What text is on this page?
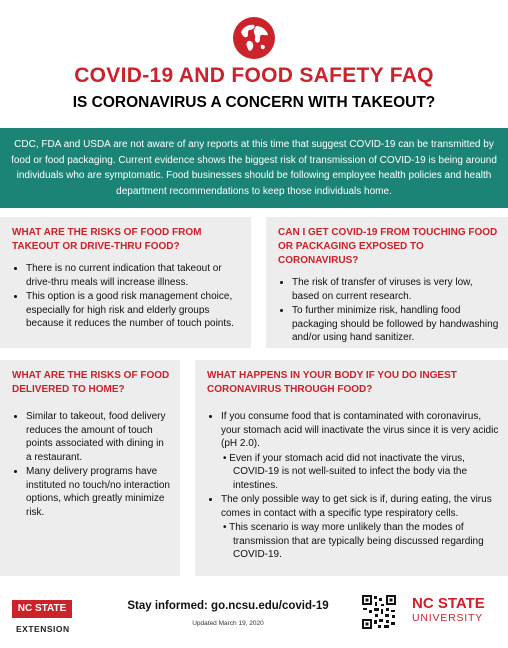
COVID-19 AND FOOD SAFETY FAQ
IS CORONAVIRUS A CONCERN WITH TAKEOUT?
CDC, FDA and USDA are not aware of any reports at this time that suggest COVID-19 can be transmitted by food or food packaging. Current evidence shows the biggest risk of transmission of COVID-19 is being around individuals who are symptomatic. Food businesses should be following employee health policies and health department recommendations to keep those individuals home.
WHAT ARE THE RISKS OF FOOD FROM TAKEOUT OR DRIVE-THRU FOOD?
• There is no current indication that takeout or drive-thru meals will increase illness.
• This option is a good risk management choice, especially for high risk and elderly groups because it reduces the number of touch points.
CAN I GET COVID-19 FROM TOUCHING FOOD OR PACKAGING EXPOSED TO CORONAVIRUS?
• The risk of transfer of viruses is very low, based on current research.
• To further minimize risk, handling food packaging should be followed by handwashing and/or using hand sanitizer.
WHAT ARE THE RISKS OF FOOD DELIVERED TO HOME?
• Similar to takeout, food delivery reduces the amount of touch points associated with dining in a restaurant.
• Many delivery programs have instituted no touch/no interaction options, which greatly minimize risk.
WHAT HAPPENS IN YOUR BODY IF YOU DO INGEST CORONAVIRUS THROUGH FOOD?
• If you consume food that is contaminated with coronavirus, your stomach acid will inactivate the virus since it is very acidic (pH 2.0).
• Even if your stomach acid did not inactivate the virus, COVID-19 is not well-suited to infect the body via the intestines.
• The only possible way to get sick is if, during eating, the virus comes in contact with a specific type respiratory cells.
• This scenario is way more unlikely than the modes of transmission that are typically being discussed regarding COVID-19.
NC STATE
EXTENSION
Stay informed: go.ncsu.edu/covid-19
Updated March 19, 2020
NC STATE
UNIVERSITY
